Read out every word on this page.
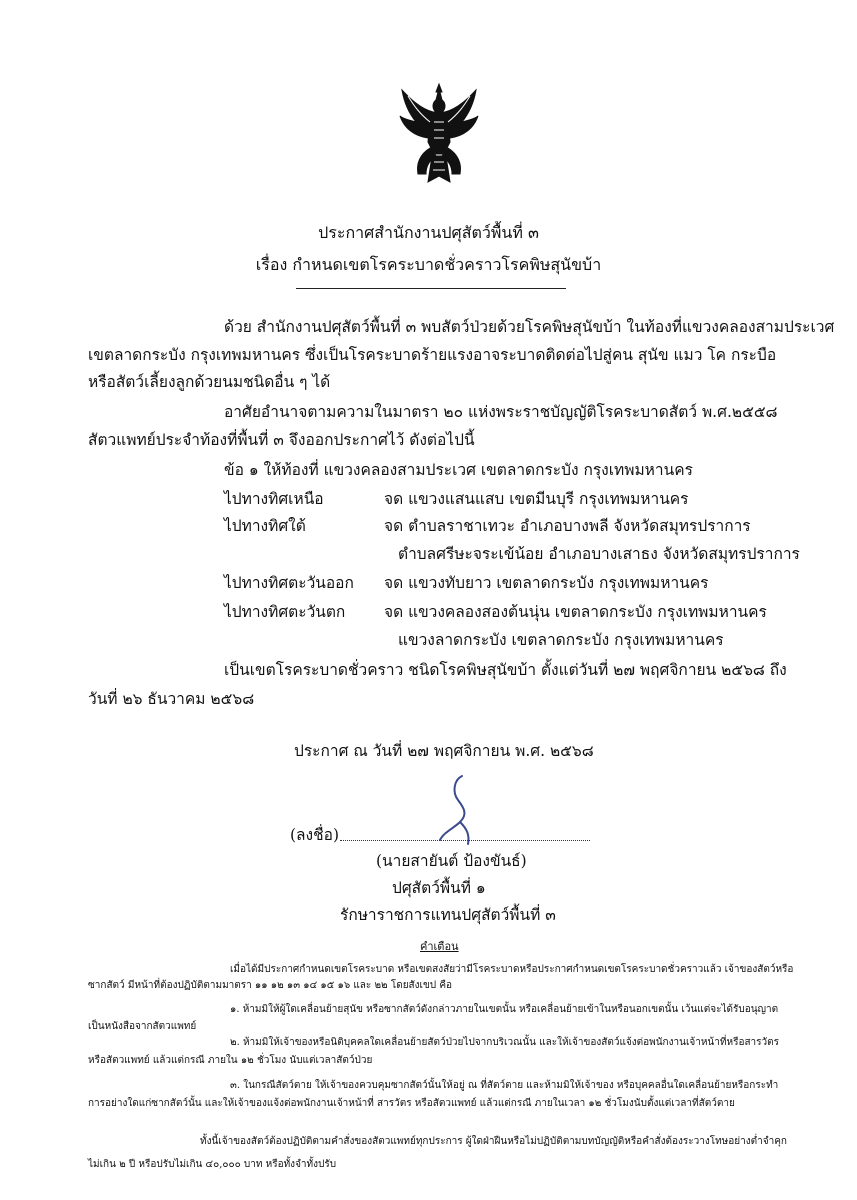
ประกาศสำนักงานปศุสัตว์พื้นที่ ๓
เรื่อง กำหนดเขตโรคระบาดชั่วคราวโรคพิษสุนัขบ้า
ด้วย สำนักงานปศุสัตว์พื้นที่ ๓ พบสัตว์ป่วยด้วยโรคพิษสุนัขบ้า ในท้องที่แขวงคลองสามประเวศ
เขตลาดกระบัง กรุงเทพมหานคร ซึ่งเป็นโรคระบาดร้ายแรงอาจระบาดติดต่อไปสู่คน สุนัข แมว โค กระบือ
หรือสัตว์เลี้ยงลูกด้วยนมชนิดอื่น ๆ ได้
อาศัยอำนาจตามความในมาตรา ๒๐ แห่งพระราชบัญญัติโรคระบาดสัตว์ พ.ศ.๒๕๕๘
สัตวแพทย์ประจำท้องที่พื้นที่ ๓ จึงออกประกาศไว้ ดังต่อไปนี้
ข้อ ๑ ให้ท้องที่ แขวงคลองสามประเวศ เขตลาดกระบัง กรุงเทพมหานคร
ไปทางทิศเหนือ	จด แขวงแสนแสบ เขตมีนบุรี กรุงเทพมหานคร
ไปทางทิศใต้	จด ตำบลราชาเทวะ อำเภอบางพลี จังหวัดสมุทรปราการ
ตำบลศรีษะจระเข้น้อย อำเภอบางเสาธง จังหวัดสมุทรปราการ
ไปทางทิศตะวันออก จด แขวงทับยาว เขตลาดกระบัง กรุงเทพมหานคร
ไปทางทิศตะวันตก จด แขวงคลองสองต้นนุ่น เขตลาดกระบัง กรุงเทพมหานคร
แขวงลาดกระบัง เขตลาดกระบัง กรุงเทพมหานคร
เป็นเขตโรคระบาดชั่วคราว ชนิดโรคพิษสุนัขบ้า ตั้งแต่วันที่ ๒๗ พฤศจิกายน ๒๕๖๘ ถึง
วันที่ ๒๖ ธันวาคม ๒๕๖๘
ประกาศ ณ วันที่ ๒๗ พฤศจิกายน พ.ศ. ๒๕๖๘
(ลงชื่อ)
(นายสายันต์ ป้องขันธ์)
ปศุสัตว์พื้นที่ ๑
รักษาราชการแทนปศุสัตว์พื้นที่ ๓
คำเตือน
เมื่อได้มีประกาศกำหนดเขตโรคระบาด หรือเขตสงสัยว่ามีโรคระบาดหรือประกาศกำหนดเขตโรคระบาดชั่วคราวแล้ว เจ้าของสัตว์หรือ
ซากสัตว์ มีหน้าที่ต้องปฏิบัติตามมาตรา ๑๑ ๑๒ ๑๓ ๑๔ ๑๕ ๑๖ และ ๒๒ โดยสังเขป คือ
๑. ห้ามมิให้ผู้ใดเคลื่อนย้ายสุนัข หรือซากสัตว์ดังกล่าวภายในเขตนั้น หรือเคลื่อนย้ายเข้าในหรือนอกเขตนั้น เว้นแต่จะได้รับอนุญาต
เป็นหนังสือจากสัตวแพทย์
๒. ห้ามมิให้เจ้าของหรือนิติบุคคลใดเคลื่อนย้ายสัตว์ป่วยไปจากบริเวณนั้น และให้เจ้าของสัตว์แจ้งต่อพนักงานเจ้าหน้าที่หรือสารวัตร
หรือสัตวแพทย์ แล้วแต่กรณี ภายใน ๑๒ ชั่วโมง นับแต่เวลาสัตว์ป่วย
๓. ในกรณีสัตว์ตาย ให้เจ้าของควบคุมซากสัตว์นั้นให้อยู่ ณ ที่สัตว์ตาย และห้ามมิให้เจ้าของ หรือบุคคลอื่นใดเคลื่อนย้ายหรือกระทำ
การอย่างใดแก่ซากสัตว์นั้น และให้เจ้าของแจ้งต่อพนักงานเจ้าหน้าที่ สารวัตร หรือสัตวแพทย์ แล้วแต่กรณี ภายในเวลา ๑๒ ชั่วโมงนับตั้งแต่เวลาที่สัตว์ตาย
ทั้งนี้เจ้าของสัตว์ต้องปฏิบัติตามคำสั่งของสัตวแพทย์ทุกประการ ผู้ใดฝ่าฝืนหรือไม่ปฏิบัติตามบทบัญญัติหรือคำสั่งต้องระวางโทษอย่างต่ำจำคุก
ไม่เกิน ๒ ปี หรือปรับไม่เกิน ๔๐,๐๐๐ บาท หรือทั้งจำทั้งปรับ
